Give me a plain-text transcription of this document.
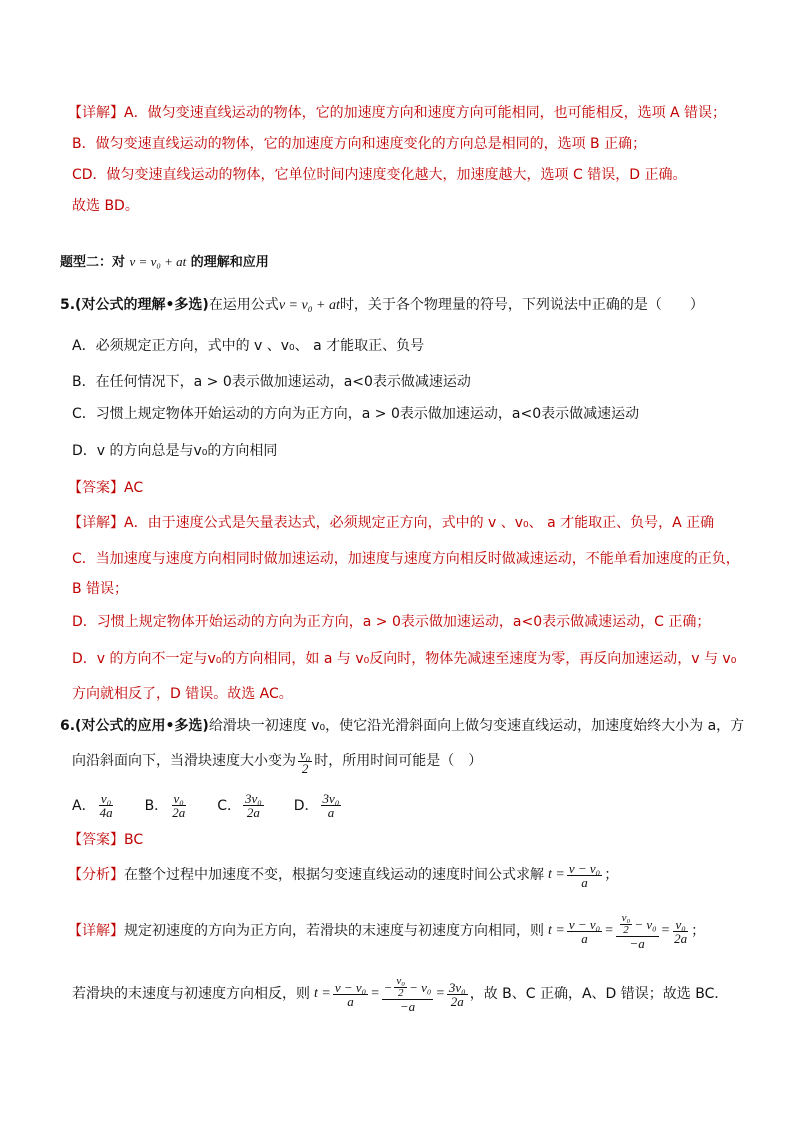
【详解】A．做匀变速直线运动的物体，它的加速度方向和速度方向可能相同，也可能相反，选项 A 错误；
B．做匀变速直线运动的物体，它的加速度方向和速度变化的方向总是相同的，选项 B 正确；
CD．做匀变速直线运动的物体，它单位时间内速度变化越大，加速度越大，选项 C 错误，D 正确。
故选 BD。
题型二：对 v = v₀ + at 的理解和应用
5.(对公式的理解•多选)在运用公式v = v₀ + at时，关于各个物理量的符号，下列说法中正确的是（　　）
A．必须规定正方向，式中的 v 、v₀、 a 才能取正、负号
B．在任何情况下，a > 0表示做加速运动，a<0表示做减速运动
C．习惯上规定物体开始运动的方向为正方向，a > 0表示做加速运动，a<0表示做减速运动
D．v 的方向总是与v₀的方向相同
【答案】AC
【详解】A．由于速度公式是矢量表达式，必须规定正方向，式中的 v 、v₀、 a 才能取正、负号，A 正确
C．当加速度与速度方向相同时做加速运动，加速度与速度方向相反时做减速运动，不能单看加速度的正负，
B 错误；
D．习惯上规定物体开始运动的方向为正方向，a > 0表示做加速运动，a<0表示做减速运动，C 正确；
D．v 的方向不一定与v₀的方向相同，如 a 与 v₀反向时，物体先减速至速度为零，再反向加速运动，v 与 v₀
方向就相反了，D 错误。故选 AC。
6.(对公式的应用•多选)给滑块一初速度 v₀，使它沿光滑斜面向上做匀变速直线运动，加速度始终大小为 a，方
向沿斜面向下，当滑块速度大小变为 $\frac{\text{v₀}}{2}$ 时，所用时间可能是（　）
A． $\frac{\text{v₀}}{4a}$ B． $\frac{\text{v₀}}{2a}$ C． $\frac{\text{3v₀}}{2a}$ D． $\frac{\text{3v₀}}{a}$
【答案】BC
【分析】 在整个过程中加速度不变，根据匀变速直线运动的速度时间公式求解 $t = \frac{\text{v − v₀}}{a}$ ；
【详解】 规定初速度的方向为正方向，若滑块的末速度与初速度方向相同，则 $t = \frac{\text{v − v₀}}{a} = \frac{\frac{\text{v₀}}{2} - v_0}{-a} = \frac{\text{v₀}}{2a}$ ；
若滑块的末速度与初速度方向相反，则 $t = \frac{\text{v − v₀}}{a} = \frac{- \frac{\text{v₀}}{2} - v_0}{-a} = \frac{\text{3v₀}}{2a}$ ，故 B、C 正确，A、D 错误；故选 BC．
